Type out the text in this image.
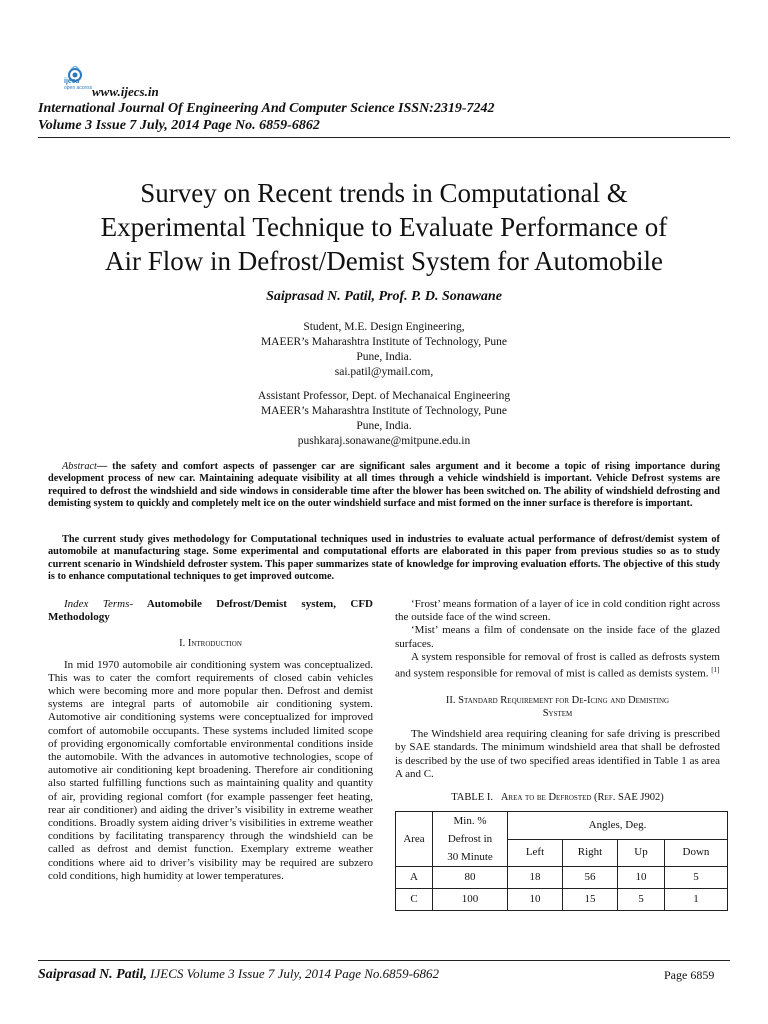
ijecs
open access www.ijecs.in
International Journal Of Engineering And Computer Science ISSN:2319-7242
Volume 3 Issue 7 July, 2014 Page No. 6859-6862
Survey on Recent trends in Computational &
Experimental Technique to Evaluate Performance of
Air Flow in Defrost/Demist System for Automobile
Saiprasad N. Patil, Prof. P. D. Sonawane
Student, M.E. Design Engineering,
MAEER’s Maharashtra Institute of Technology, Pune
Pune, India.
sai.patil@ymail.com,
Assistant Professor, Dept. of Mechanaical Engineering
MAEER’s Maharashtra Institute of Technology, Pune
Pune, India.
pushkaraj.sonawane@mitpune.edu.in
Abstract— the safety and comfort aspects of passenger car are significant sales argument and it become a topic of rising importance during development process of new car. Maintaining adequate visibility at all times through a vehicle windshield is important. Vehicle Defrost systems are required to defrost the windshield and side windows in considerable time after the blower has been switched on. The ability of windshield defrosting and demisting system to quickly and completely melt ice on the outer windshield surface and mist formed on the inner surface is therefore is important.
The current study gives methodology for Computational techniques used in industries to evaluate actual performance of defrost/demist system of automobile at manufacturing stage. Some experimental and computational efforts are elaborated in this paper from previous studies so as to study current scenario in Windshield defroster system. This paper summarizes state of knowledge for improving evaluation efforts. The objective of this study is to enhance computational techniques to get improved outcome.

Index Terms- Automobile Defrost/Demist system, CFD Methodology

I. Introduction

In mid 1970 automobile air conditioning system was conceptualized. This was to cater the comfort requirements of closed cabin vehicles which were becoming more and more popular then. Defrost and demist systems are integral parts of automobile air conditioning system. Automotive air conditioning systems were conceptualized for improved comfort of automobile occupants. These systems included limited scope of providing ergonomically comfortable environmental conditions inside the automobile. With the advances in automotive technologies, scope of automotive air conditioning kept broadening. Therefore air conditioning also started fulfilling functions such as maintaining quality and quantity of air, providing regional comfort (for example passenger feet heating, rear air conditioner) and aiding the driver’s visibility in extreme weather conditions. Broadly system aiding driver’s visibilities in extreme weather conditions by facilitating transparency through the windshield can be called as defrost and demist function. Exemplary extreme weather conditions where aid to driver’s visibility may be required are subzero cold conditions, high humidity at lower temperatures.

‘Frost’ means formation of a layer of ice in cold condition right across the outside face of the wind screen.

‘Mist’ means a film of condensate on the inside face of the glazed surfaces.

A system responsible for removal of frost is called as defrosts system and system responsible for removal of mist is called as demists system. [1]

II. Standard Requirement for De-Icing and Demisting
System

The Windshield area requiring cleaning for safe driving is prescribed by SAE standards. The minimum windshield area that shall be defrosted is described by the use of two specified areas identified in Table 1 as area A and C.

TABLE I. Area to be Defrosted (Ref. SAE J902)
Area	Min. %
Defrost in
30 Minute	Angles, Deg.			
		Left	Right	Up	Down
A	80	18	56	10	5
C	100	10	15	5	1
Saiprasad N. Patil, IJECS Volume 3 Issue 7 July, 2014 Page No.6859-6862	Page 6859
